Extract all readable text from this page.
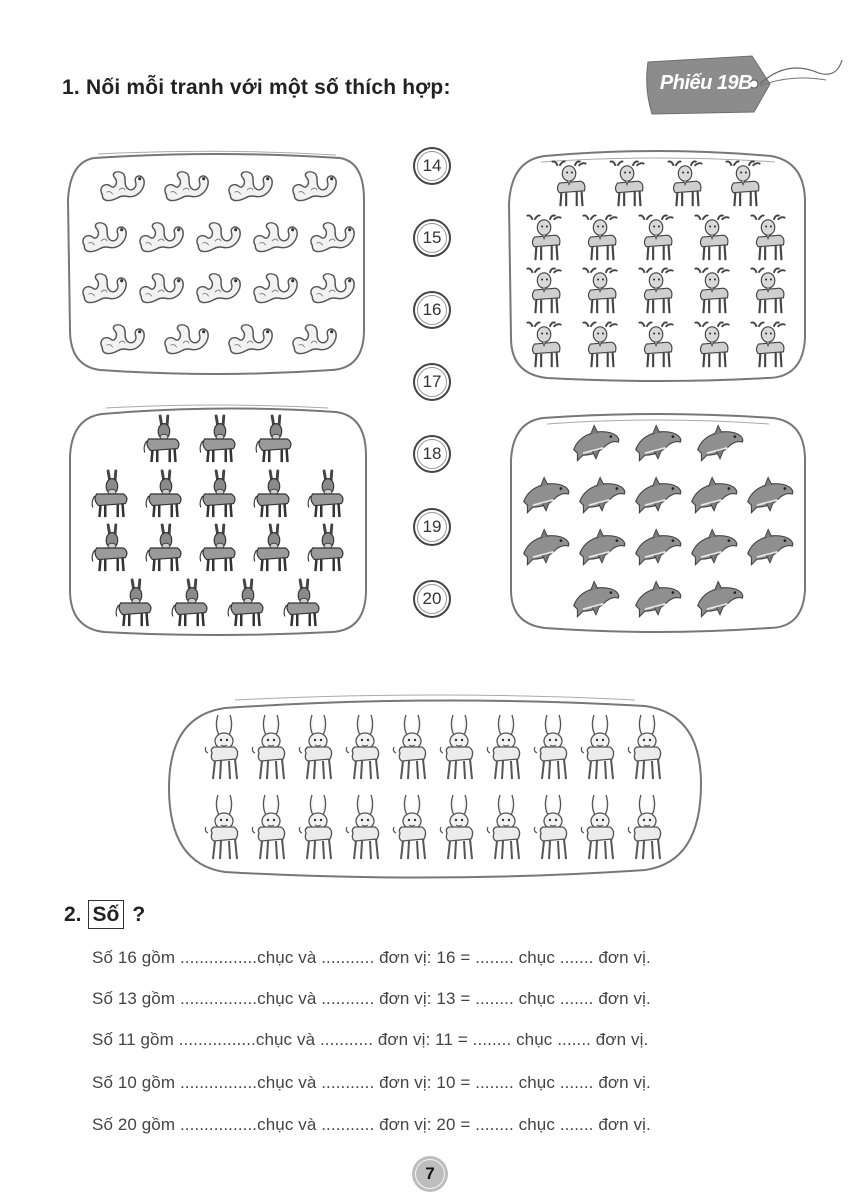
1. Nối mỗi tranh với một số thích hợp:	Phiếu 19B
14
15
16
17
18
19
20
2. Số ?
Số 16 gồm ................chục và ........... đơn vị: 16 = ........ chục ....... đơn vị.
Số 13 gồm ................chục và ........... đơn vị: 13 = ........ chục ....... đơn vị.
Số 11 gồm ................chục và ........... đơn vị: 11 = ........ chục ....... đơn vị.
Số 10 gồm ................chục và ........... đơn vị: 10 = ........ chục ....... đơn vị.
Số 20 gồm ................chục và ........... đơn vị: 20 = ........ chục ....... đơn vị.
7
